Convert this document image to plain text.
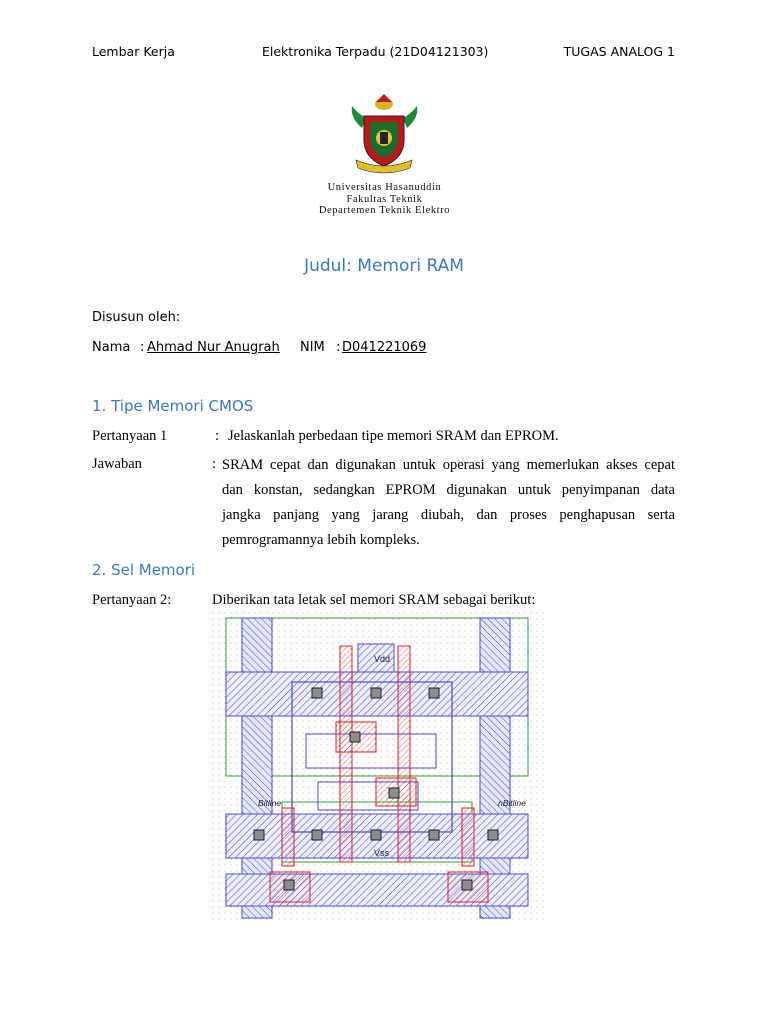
Lembar Kerja	Elektronika Terpadu (21D04121303)	TUGAS ANALOG 1
Universitas Hasanuddin
Fakultas Teknik
Departemen Teknik Elektro
Judul: Memori RAM
Disusun oleh:
Nama : Ahmad Nur Anugrah NIM : D041221069
1. Tipe Memori CMOS
Pertanyaan 1	: Jelaskanlah perbedaan tipe memori SRAM dan EPROM.
Jawaban	: SRAM cepat dan digunakan untuk operasi yang memerlukan akses cepat
dan konstan, sedangkan EPROM digunakan untuk penyimpanan data
jangka panjang yang jarang diubah, dan proses penghapusan serta
pemrogramannya lebih kompleks.
2. Sel Memori
Pertanyaan 2:	Diberikan tata letak sel memori SRAM sebagai berikut:
Vdd
Vss
Bitline	nBitline
